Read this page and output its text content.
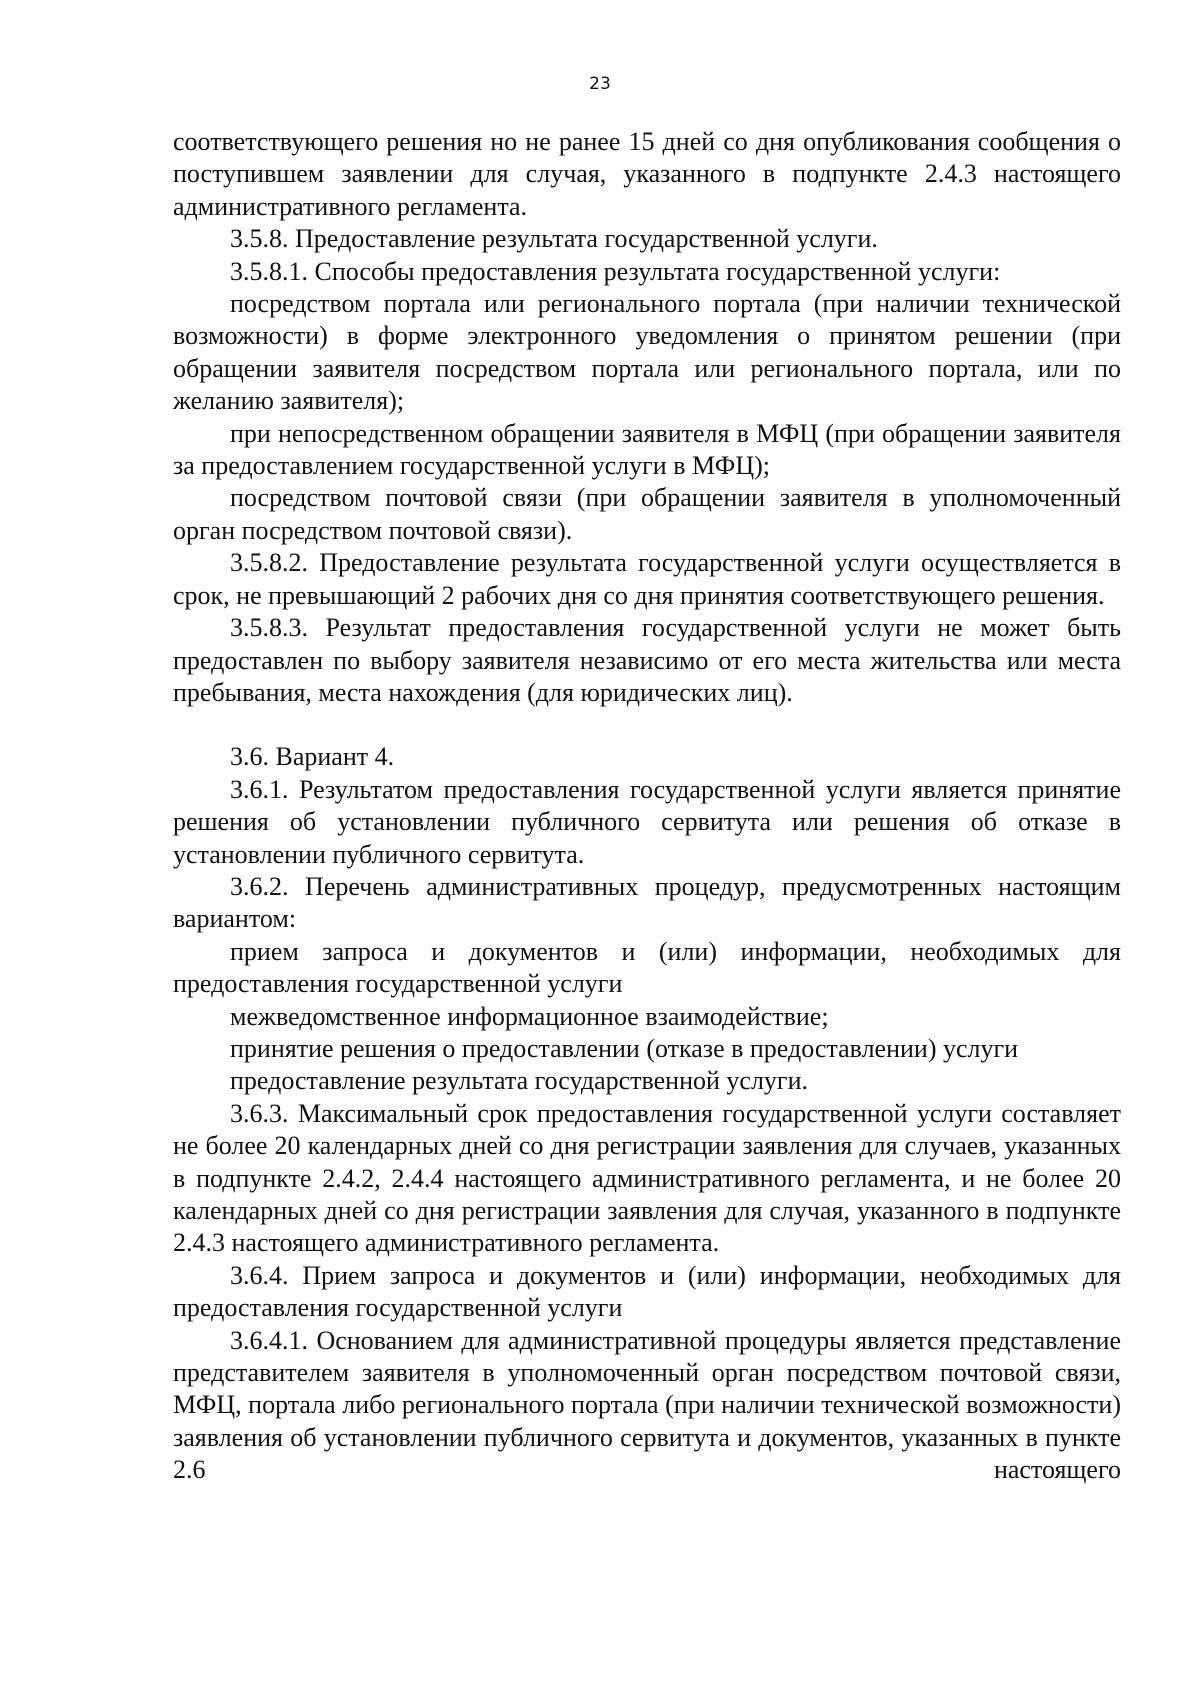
23

соответствующего решения но не ранее 15 дней со дня опубликования сообщения о поступившем заявлении для случая, указанного в подпункте 2.4.3 настоящего административного регламента.

3.5.8. Предоставление результата государственной услуги.

3.5.8.1. Способы предоставления результата государственной услуги:

посредством портала или регионального портала (при наличии технической возможности) в форме электронного уведомления о принятом решении (при обращении заявителя посредством портала или регионального портала, или по желанию заявителя);

при непосредственном обращении заявителя в МФЦ (при обращении заявителя за предоставлением государственной услуги в МФЦ);

посредством почтовой связи (при обращении заявителя в уполномоченный орган посредством почтовой связи).

3.5.8.2. Предоставление результата государственной услуги осуществляется в срок, не превышающий 2 рабочих дня со дня принятия соответствующего решения.

3.5.8.3. Результат предоставления государственной услуги не может быть предоставлен по выбору заявителя независимо от его места жительства или места пребывания, места нахождения (для юридических лиц).

3.6. Вариант 4.

3.6.1. Результатом предоставления государственной услуги является принятие решения об установлении публичного сервитута или решения об отказе в установлении публичного сервитута.

3.6.2. Перечень административных процедур, предусмотренных настоящим вариантом:

прием запроса и документов и (или) информации, необходимых для предоставления государственной услуги

межведомственное информационное взаимодействие;

принятие решения о предоставлении (отказе в предоставлении) услуги

предоставление результата государственной услуги.

3.6.3. Максимальный срок предоставления государственной услуги составляет не более 20 календарных дней со дня регистрации заявления для случаев, указанных в подпункте 2.4.2, 2.4.4 настоящего административного регламента, и не более 20 календарных дней со дня регистрации заявления для случая, указанного в подпункте 2.4.3 настоящего административного регламента.

3.6.4. Прием запроса и документов и (или) информации, необходимых для предоставления государственной услуги

3.6.4.1. Основанием для административной процедуры является представление представителем заявителя в уполномоченный орган посредством почтовой связи, МФЦ, портала либо регионального портала (при наличии технической возможности) заявления об установлении публичного сервитута и документов, указанных в пункте 2.6 настоящего
